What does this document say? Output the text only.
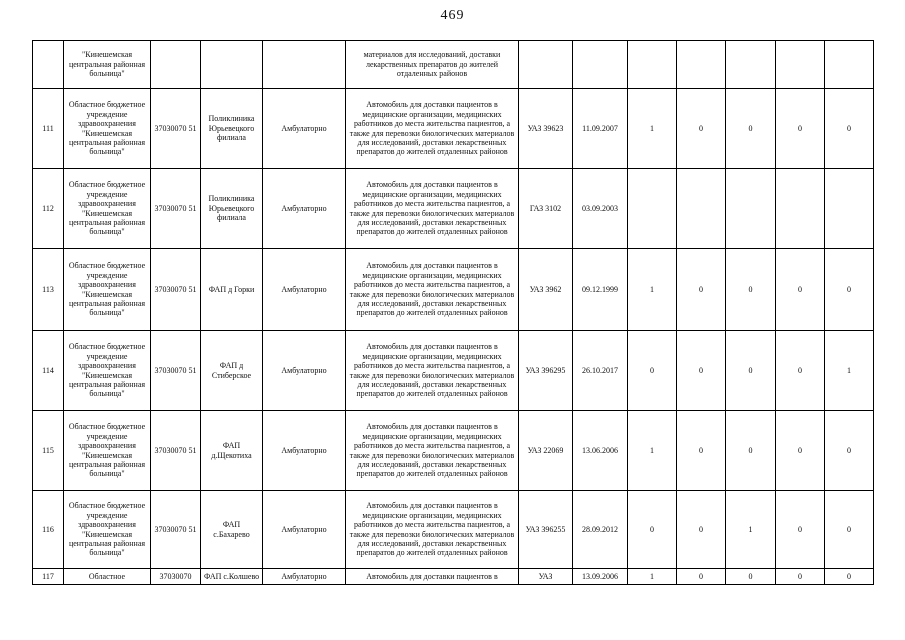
469
	"Кинешемская центральная районная больница"				материалов для исследований, доставки лекарственных препаратов до жителей отдаленных районов							
111	Областное бюджетное учреждение здравоохранения "Кинешемская центральная районная больница"	37030070 51	Поликлиника Юрьевецкого филиала	Амбулаторно	Автомобиль для доставки пациентов в медицинские организации, медицинских работников до места жительства пациентов, а также для перевозки биологических материалов для исследований, доставки лекарственных препаратов до жителей отдаленных районов	УАЗ 39623	11.09.2007	1	0	0	0	0
112	Областное бюджетное учреждение здравоохранения "Кинешемская центральная районная больница"	37030070 51	Поликлиника Юрьевецкого филиала	Амбулаторно	Автомобиль для доставки пациентов в медицинские организации, медицинских работников до места жительства пациентов, а также для перевозки биологических материалов для исследований, доставки лекарственных препаратов до жителей отдаленных районов	ГАЗ 3102	03.09.2003					
113	Областное бюджетное учреждение здравоохранения "Кинешемская центральная районная больница"	37030070 51	ФАП д Горки	Амбулаторно	Автомобиль для доставки пациентов в медицинские организации, медицинских работников до места жительства пациентов, а также для перевозки биологических материалов для исследований, доставки лекарственных препаратов до жителей отдаленных районов	УАЗ 3962	09.12.1999	1	0	0	0	0
114	Областное бюджетное учреждение здравоохранения "Кинешемская центральная районная больница"	37030070 51	ФАП д Стиберское	Амбулаторно	Автомобиль для доставки пациентов в медицинские организации, медицинских работников до места жительства пациентов, а также для перевозки биологических материалов для исследований, доставки лекарственных препаратов до жителей отдаленных районов	УАЗ 396295	26.10.2017	0	0	0	0	1
115	Областное бюджетное учреждение здравоохранения "Кинешемская центральная районная больница"	37030070 51	ФАП д.Щекотиха	Амбулаторно	Автомобиль для доставки пациентов в медицинские организации, медицинских работников до места жительства пациентов, а также для перевозки биологических материалов для исследований, доставки лекарственных препаратов до жителей отдаленных районов	УАЗ 22069	13.06.2006	1	0	0	0	0
116	Областное бюджетное учреждение здравоохранения "Кинешемская центральная районная больница"	37030070 51	ФАП с.Бахарево	Амбулаторно	Автомобиль для доставки пациентов в медицинские организации, медицинских работников до места жительства пациентов, а также для перевозки биологических материалов для исследований, доставки лекарственных препаратов до жителей отдаленных районов	УАЗ 396255	28.09.2012	0	0	1	0	0
117	Областное	37030070	ФАП с.Колшево	Амбулаторно	Автомобиль для доставки пациентов в	УАЗ	13.09.2006	1	0	0	0	0
